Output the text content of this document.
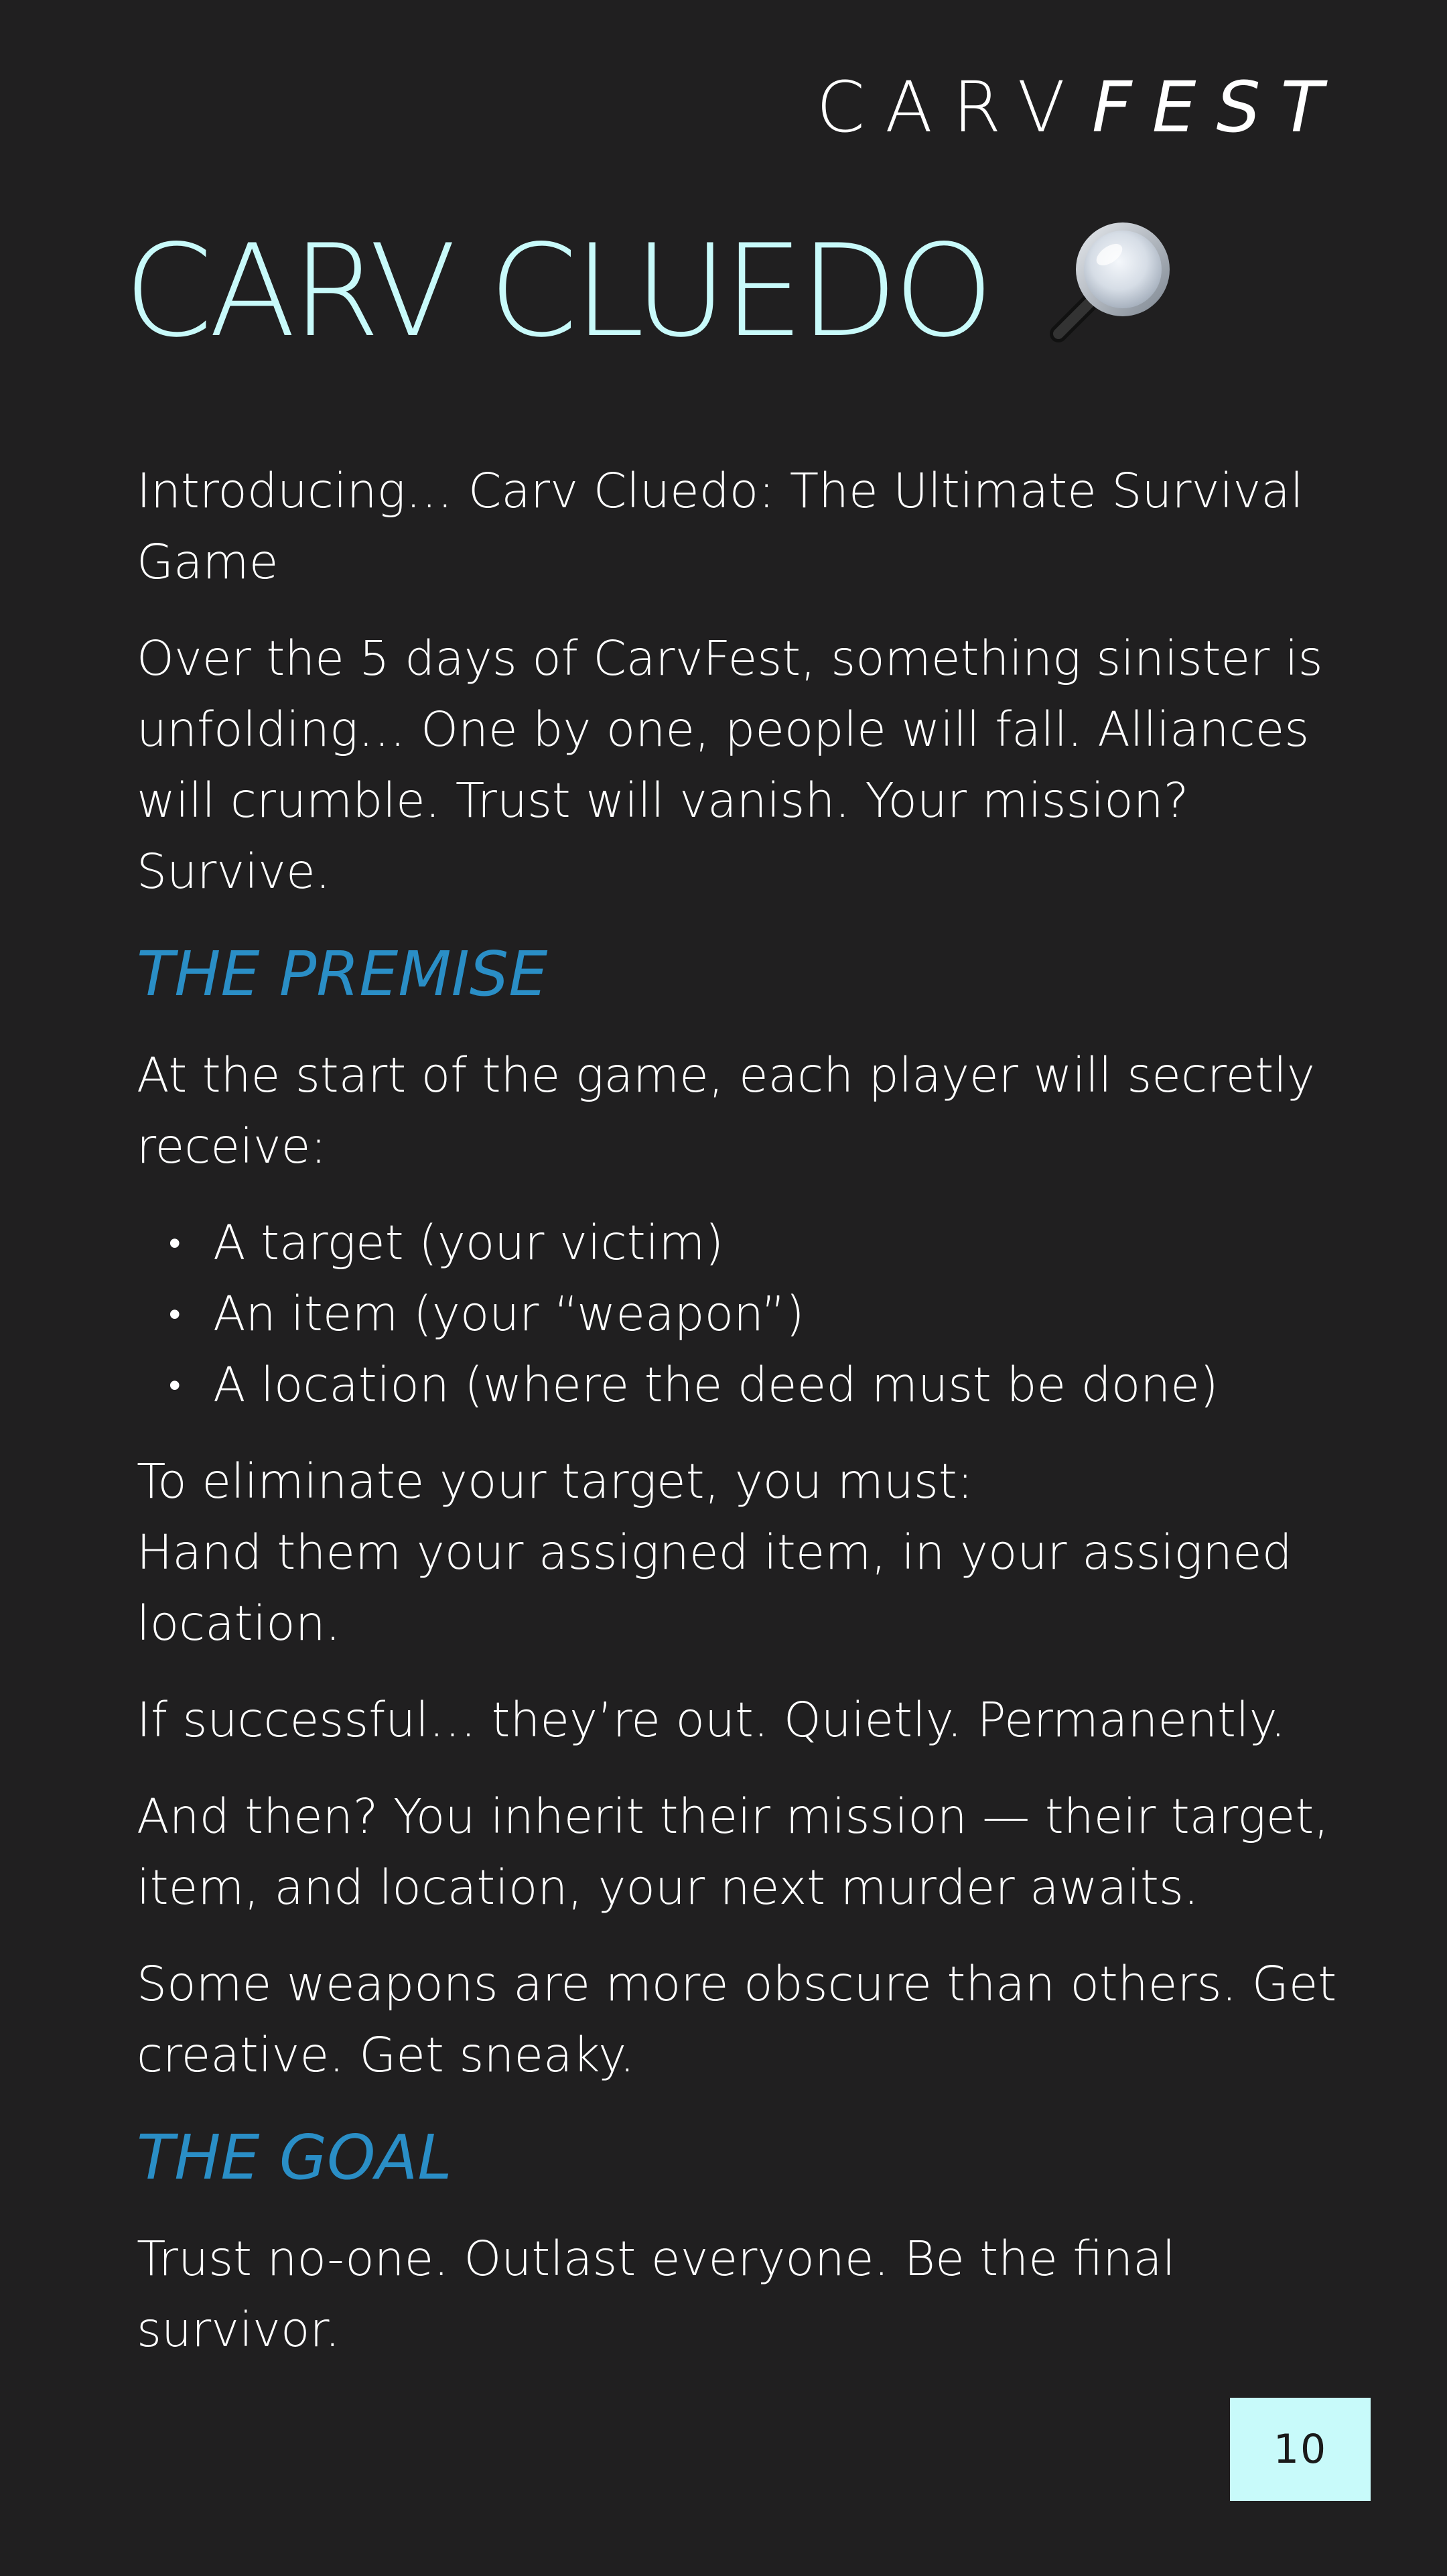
CARVFEST
CARV CLUEDO

Introducing… Carv Cluedo: The Ultimate Survival Game

Over the 5 days of CarvFest, something sinister is unfolding… One by one, people will fall. Alliances will crumble. Trust will vanish. Your mission? Survive.

THE PREMISE

At the start of the game, each player will secretly receive:

• A target (your victim)
• An item (your “weapon”)
• A location (where the deed must be done)

To eliminate your target, you must:
Hand them your assigned item, in your assigned location.

If successful… they’re out. Quietly. Permanently.

And then? You inherit their mission — their target, item, and location, your next murder awaits.

Some weapons are more obscure than others. Get creative. Get sneaky.

THE GOAL

Trust no-one. Outlast everyone. Be the final survivor.

10
